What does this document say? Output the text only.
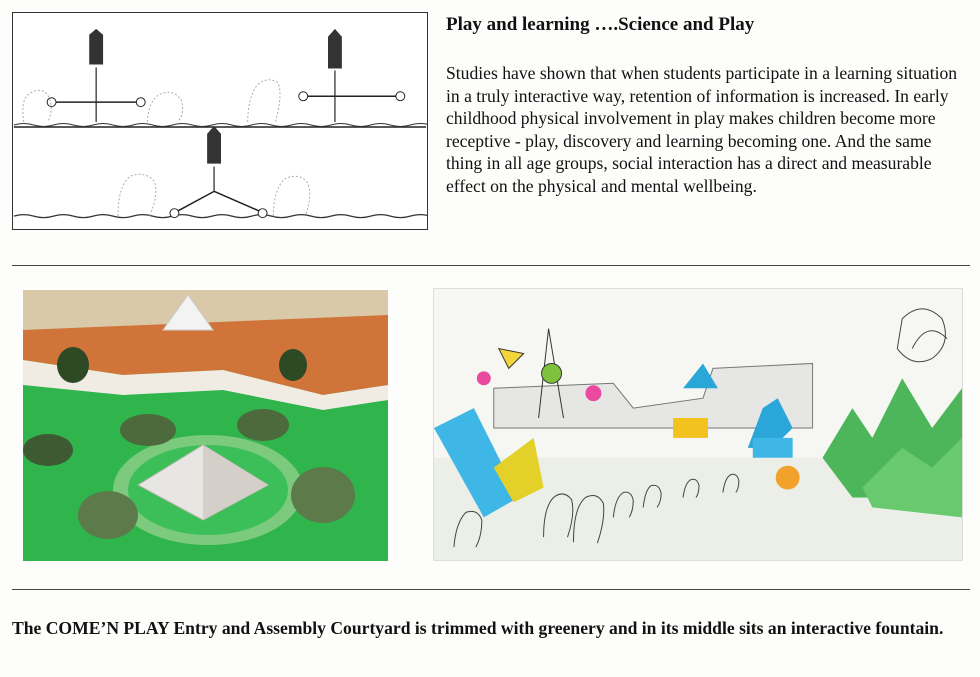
Play and learning ….Science and Play

Studies have shown that when students participate in a learning situation in a truly interactive way, retention of information is increased. In early childhood physical involvement in play makes children become more receptive - play, discovery and learning becoming one. And the same thing in all age groups, social interaction has a direct and measurable effect on the physical and mental wellbeing.

The COME’N PLAY Entry and Assembly Courtyard is trimmed with greenery and in its middle sits an interactive fountain.
